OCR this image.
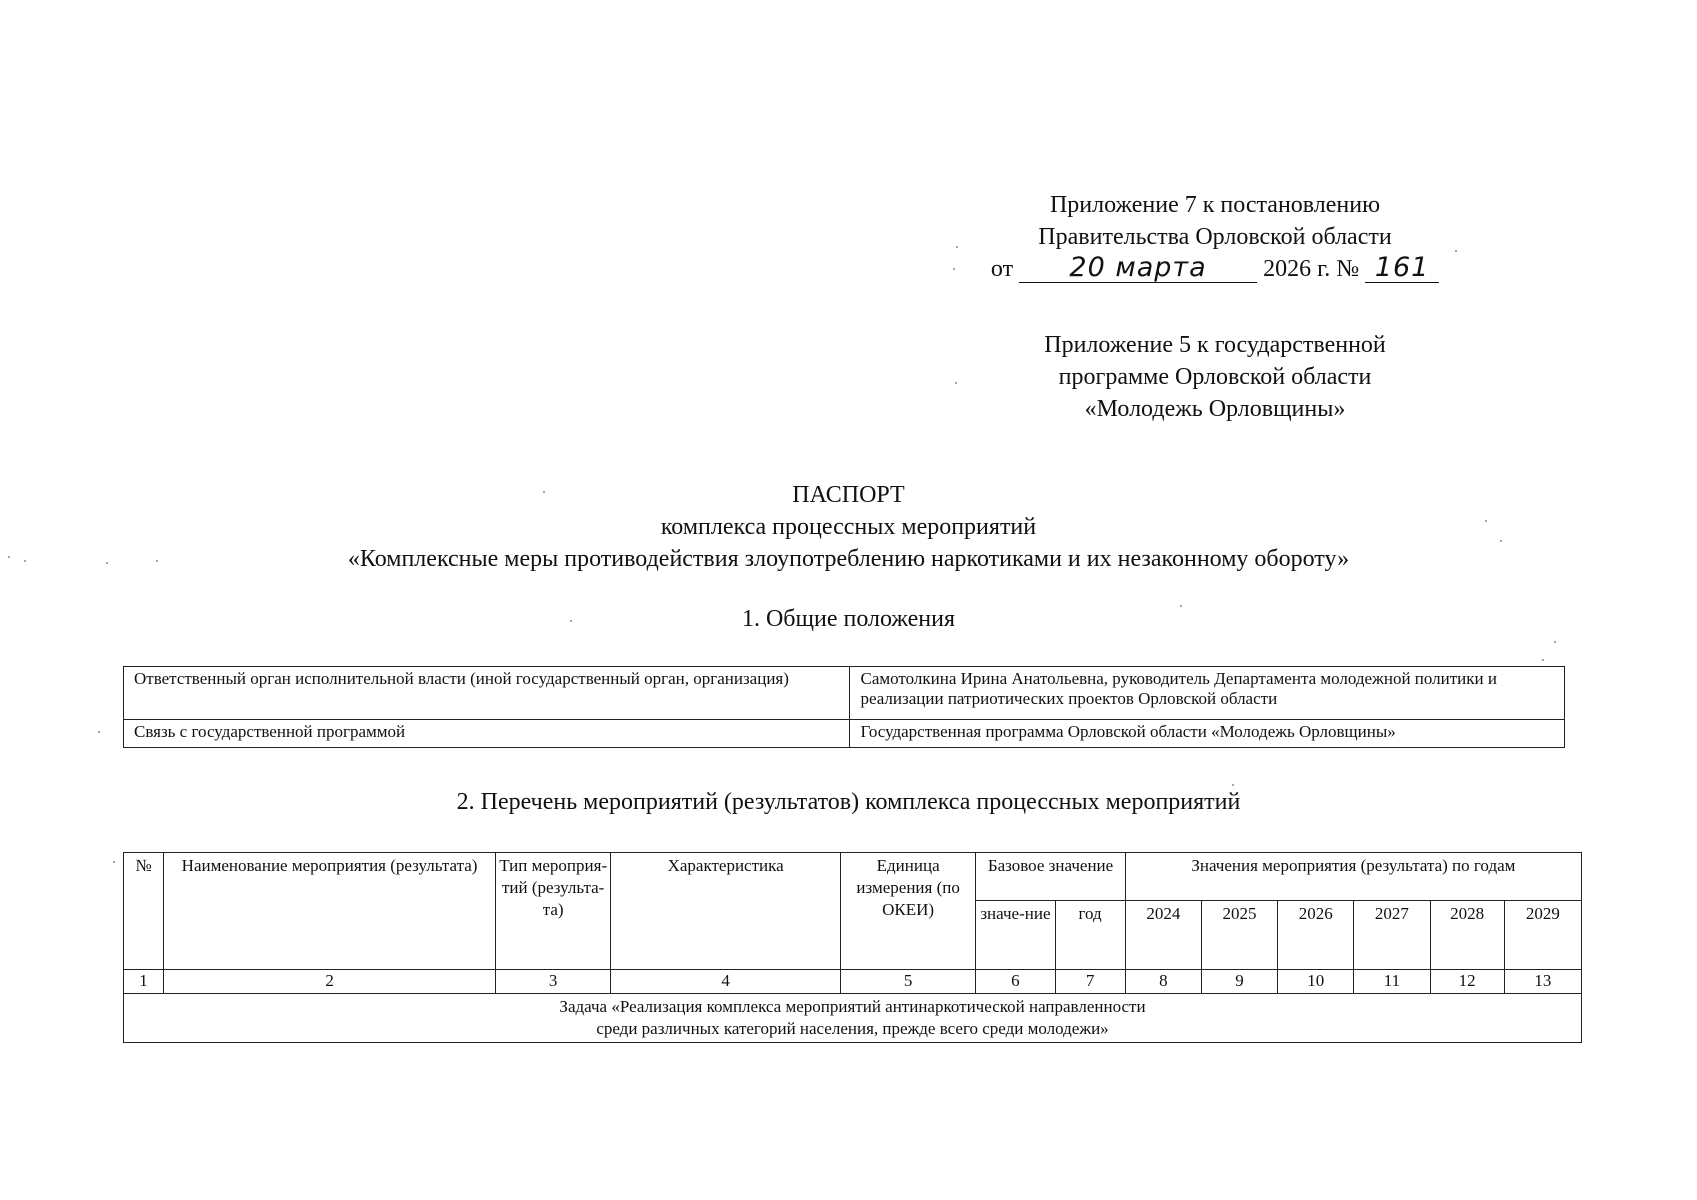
Приложение 7 к постановлению
Правительства Орловской области
от 20 марта 2026 г. № 161
Приложение 5 к государственной
программе Орловской области
«Молодежь Орловщины»
ПАСПОРТ
комплекса процессных мероприятий
«Комплексные меры противодействия злоупотреблению наркотиками и их незаконному обороту»
1. Общие положения
Ответственный орган исполнительной власти (иной государственный орган, организация)	Самотолкина Ирина Анатольевна, руководитель Департамента молодежной политики и реализации патриотических проектов Орловской области
Связь с государственной программой	Государственная программа Орловской области «Молодежь Орловщины»
2. Перечень мероприятий (результатов) комплекса процессных мероприятий
№	Наименование мероприятия (результата)	Тип мероприя-тий (результа-та)	Характеристика	Единица измерения (по ОКЕИ)	Базовое значение		Значения мероприятия (результата) по годам					
					значе-ние	год	2024	2025	2026	2027	2028	2029
1	2	3	4	5	6	7	8	9	10	11	12	13

Задача «Реализация комплекса мероприятий антинаркотической направленности
среди различных категорий населения, прежде всего среди молодежи»												
